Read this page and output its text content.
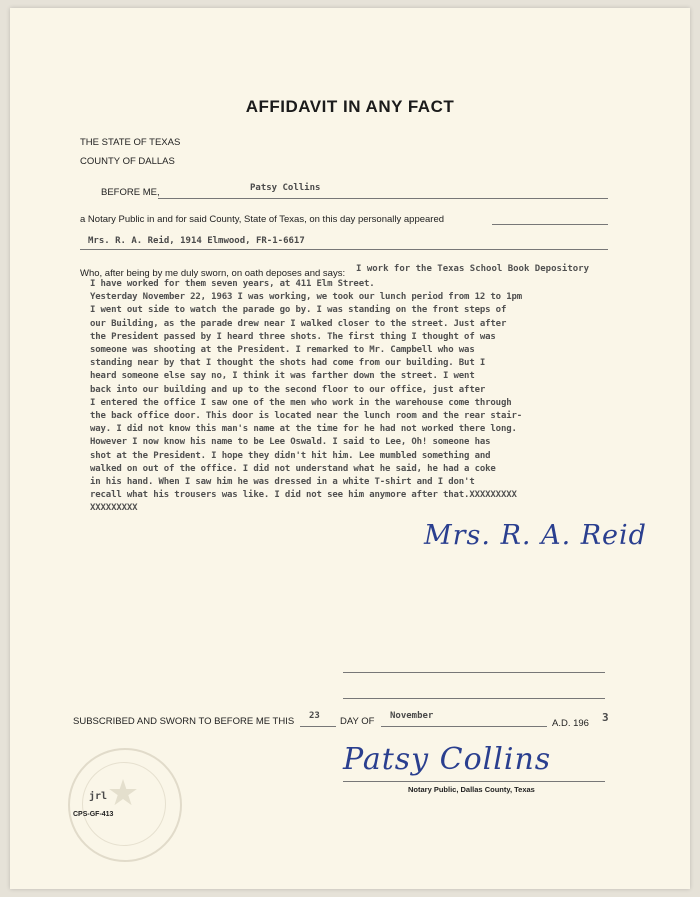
AFFIDAVIT IN ANY FACT
THE STATE OF TEXAS
COUNTY OF DALLAS
BEFORE ME,	Patsy Collins
a Notary Public in and for said County, State of Texas, on this day personally appeared
Mrs. R. A. Reid, 1914 Elmwood, FR-1-6617
Who, after being by me duly sworn, on oath deposes and says: I work for the Texas School Book Depository
I have worked for them seven years, at 411 Elm Street.
Yesterday November 22, 1963 I was working, we took our lunch period from 12 to 1pm
I went out side to watch the parade go by. I was standing on the front steps of
our Building, as the parade drew near I walked closer to the street. Just after
the President passed by I heard three shots. The first thing I thought of was
someone was shooting at the President. I remarked to Mr. Campbell who was
standing near by that I thought the shots had come from our building. But I
heard someone else say no, I think it was farther down the street. I went
back into our building and up to the second floor to our office, just after
I entered the office I saw one of the men who work in the warehouse come through
the back office door. This door is located near the lunch room and the rear stair-
way. I did not know this man's name at the time for he had not worked there long.
However I now know his name to be Lee Oswald. I said to Lee, Oh! someone has
shot at the President. I hope they didn't hit him. Lee mumbled something and
walked on out of the office. I did not understand what he said, he had a coke
in his hand. When I saw him he was dressed in a white T-shirt and I don't
recall what his trousers was like. I did not see him anymore after that.XXXXXXXXX
XXXXXXXXX
Mrs. R. A. Reid
SUBSCRIBED AND SWORN TO BEFORE ME THIS 23 DAY OF November
A.D. 196 3
★
Patsy Collins
Notary Public, Dallas County, Texas
jrl
CPS-GF-413
